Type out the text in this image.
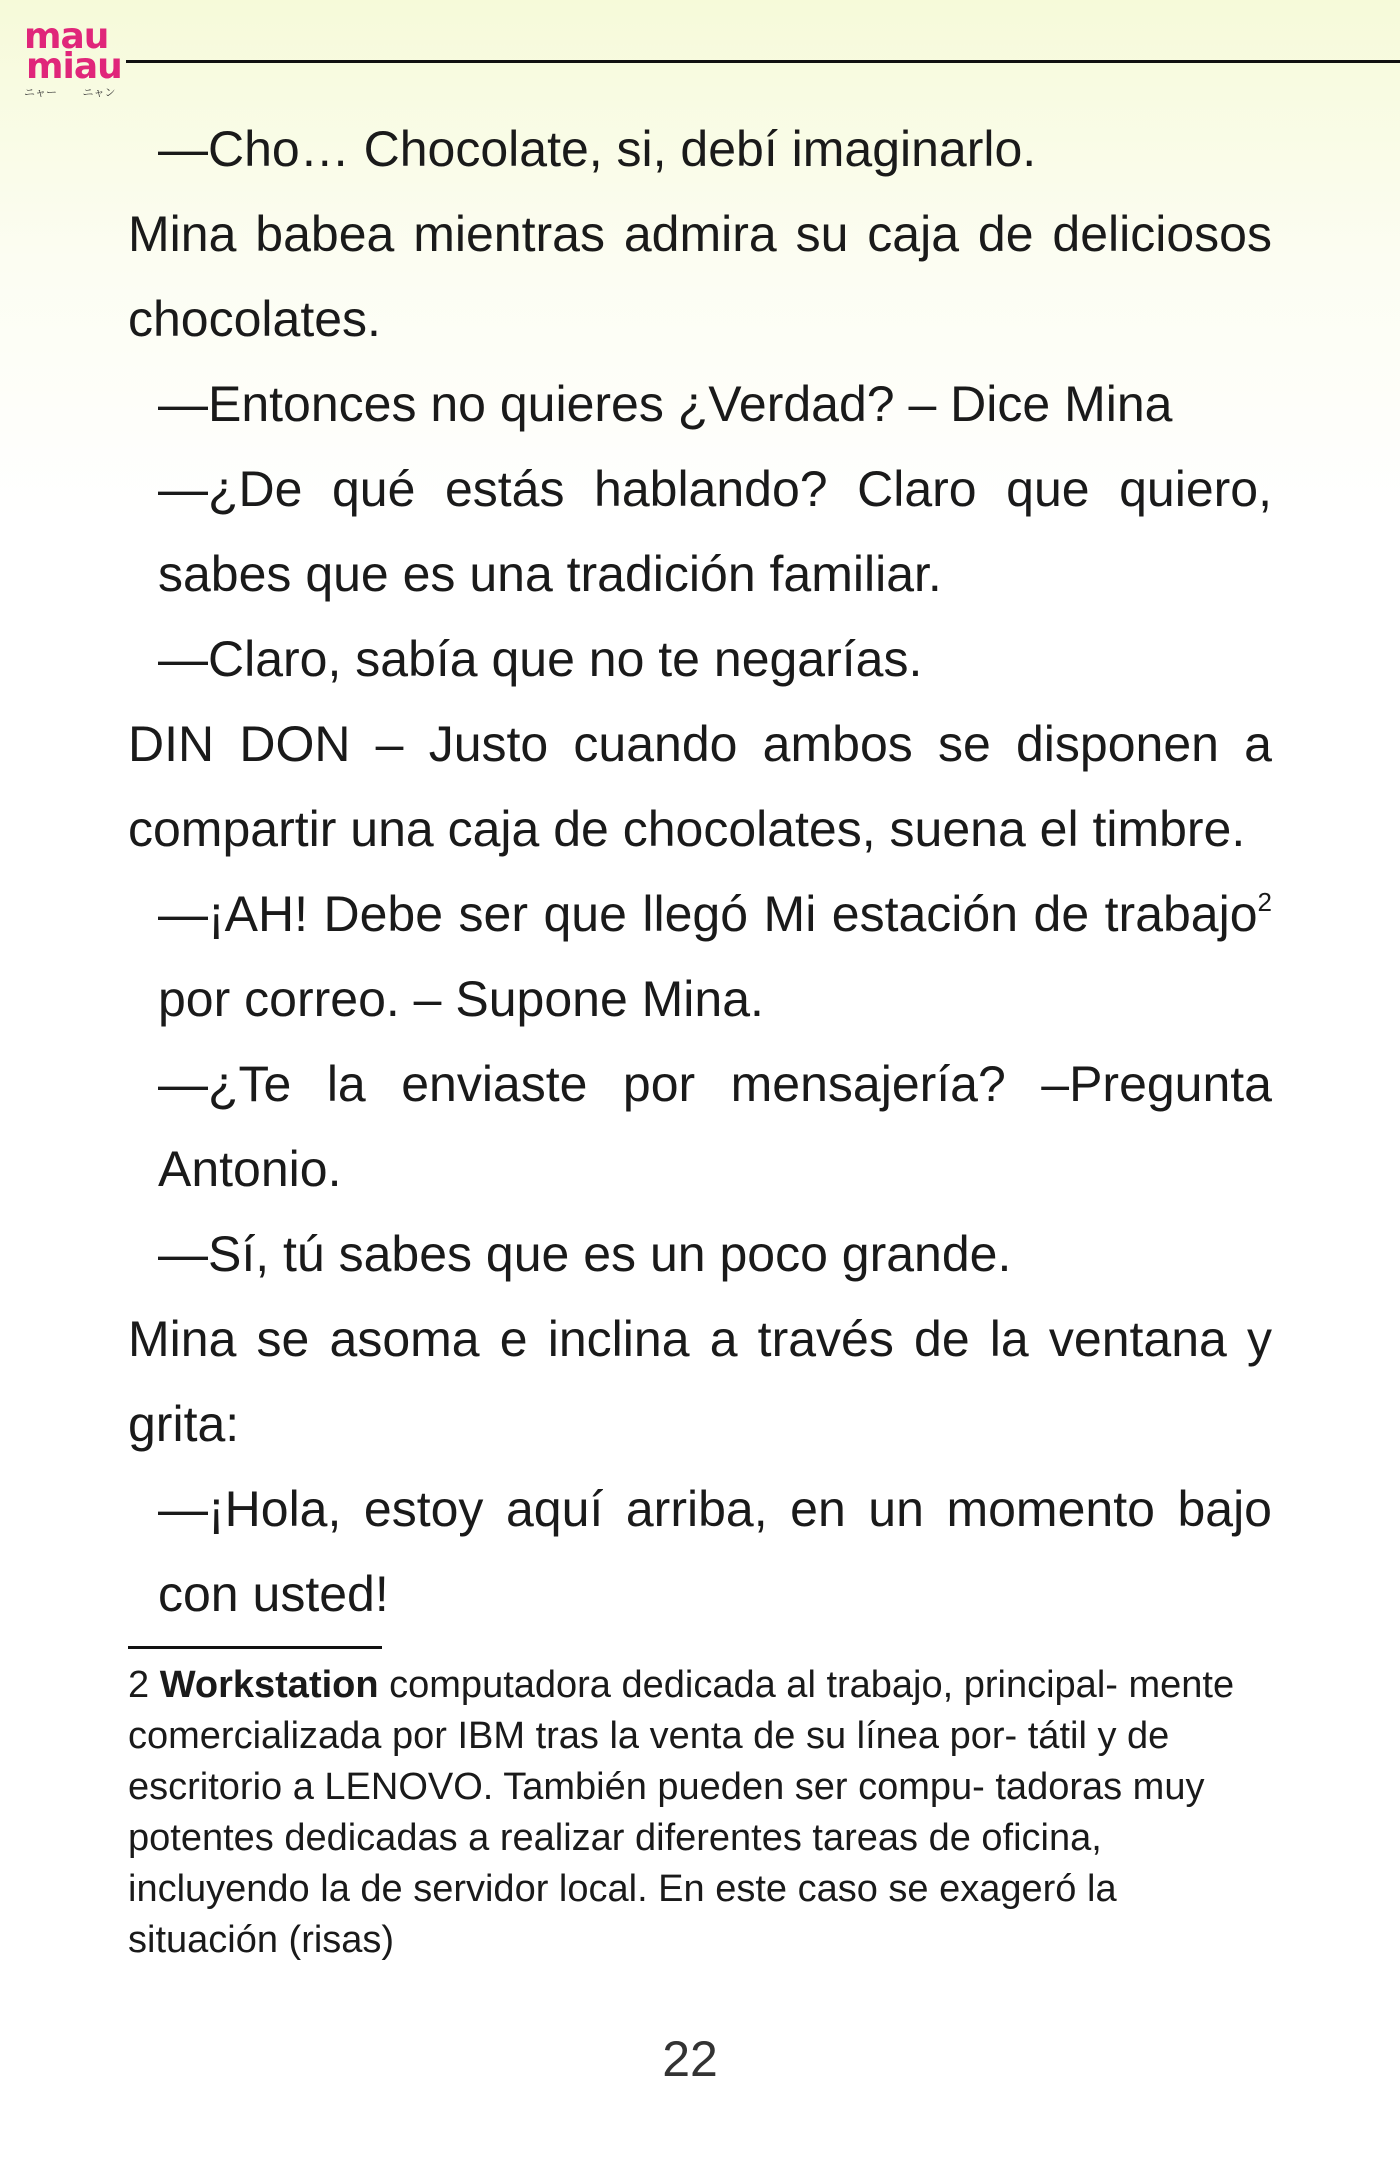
mau
miau
ニャー ニャン
—Cho… Chocolate, si, debí imaginarlo.
Mina babea mientras admira su caja de deliciosos
chocolates.
—Entonces no quieres ¿Verdad? – Dice Mina
—¿De qué estás hablando? Claro que quiero,
sabes que es una tradición familiar.
—Claro, sabía que no te negarías.
DIN DON – Justo cuando ambos se disponen a
compartir una caja de chocolates, suena el timbre.
—¡AH! Debe ser que llegó Mi estación de trabajo$^2$
por correo. – Supone Mina.
—¿Te la enviaste por mensajería? –Pregunta
Antonio.
—Sí, tú sabes que es un poco grande.
Mina se asoma e inclina a través de la ventana y
grita:
—¡Hola, estoy aquí arriba, en un momento bajo
con usted!

2 Workstation computadora dedicada al trabajo, principal- mente comercializada por IBM tras la venta de su línea por- tátil y de escritorio a LENOVO. También pueden ser compu- tadoras muy potentes dedicadas a realizar diferentes tareas de oficina, incluyendo la de servidor local. En este caso se exageró la situación (risas)

22
